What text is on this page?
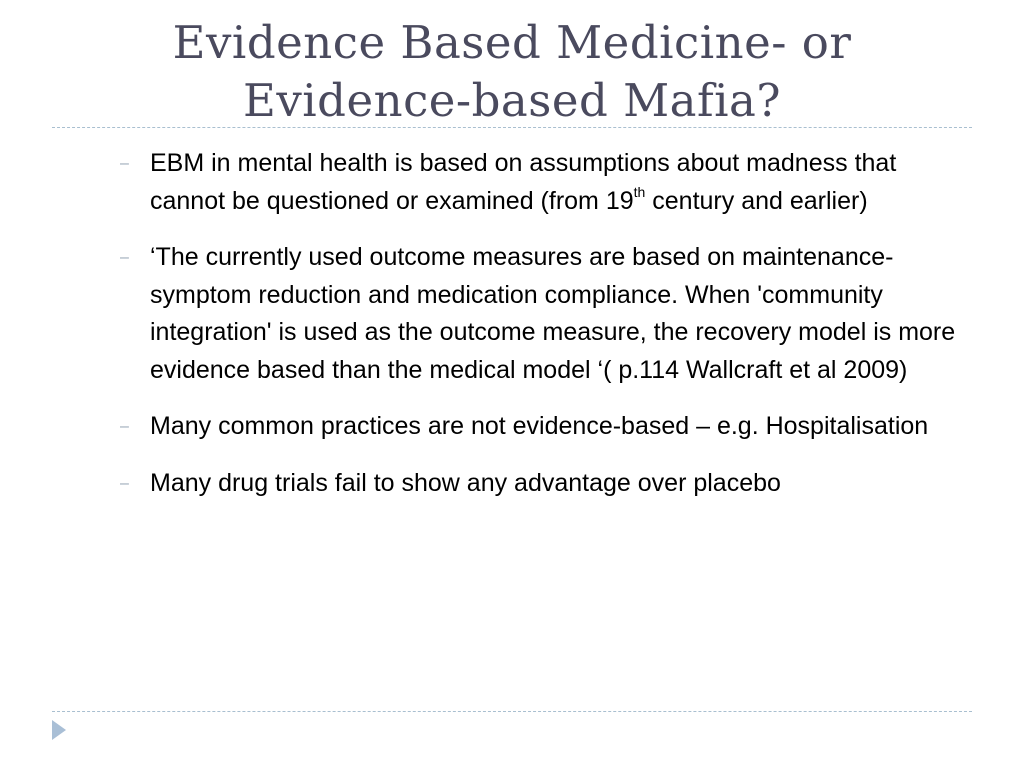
Evidence Based Medicine- or
Evidence-based Mafia?
– EBM in mental health is based on assumptions about madness that cannot be questioned or examined (from 19th century and earlier)
– ‘The currently used outcome measures are based on maintenance- symptom reduction and medication compliance. When 'community integration' is used as the outcome measure, the recovery model is more evidence based than the medical model ‘( p.114 Wallcraft et al 2009)
– Many common practices are not evidence-based – e.g. Hospitalisation
– Many drug trials fail to show any advantage over placebo
